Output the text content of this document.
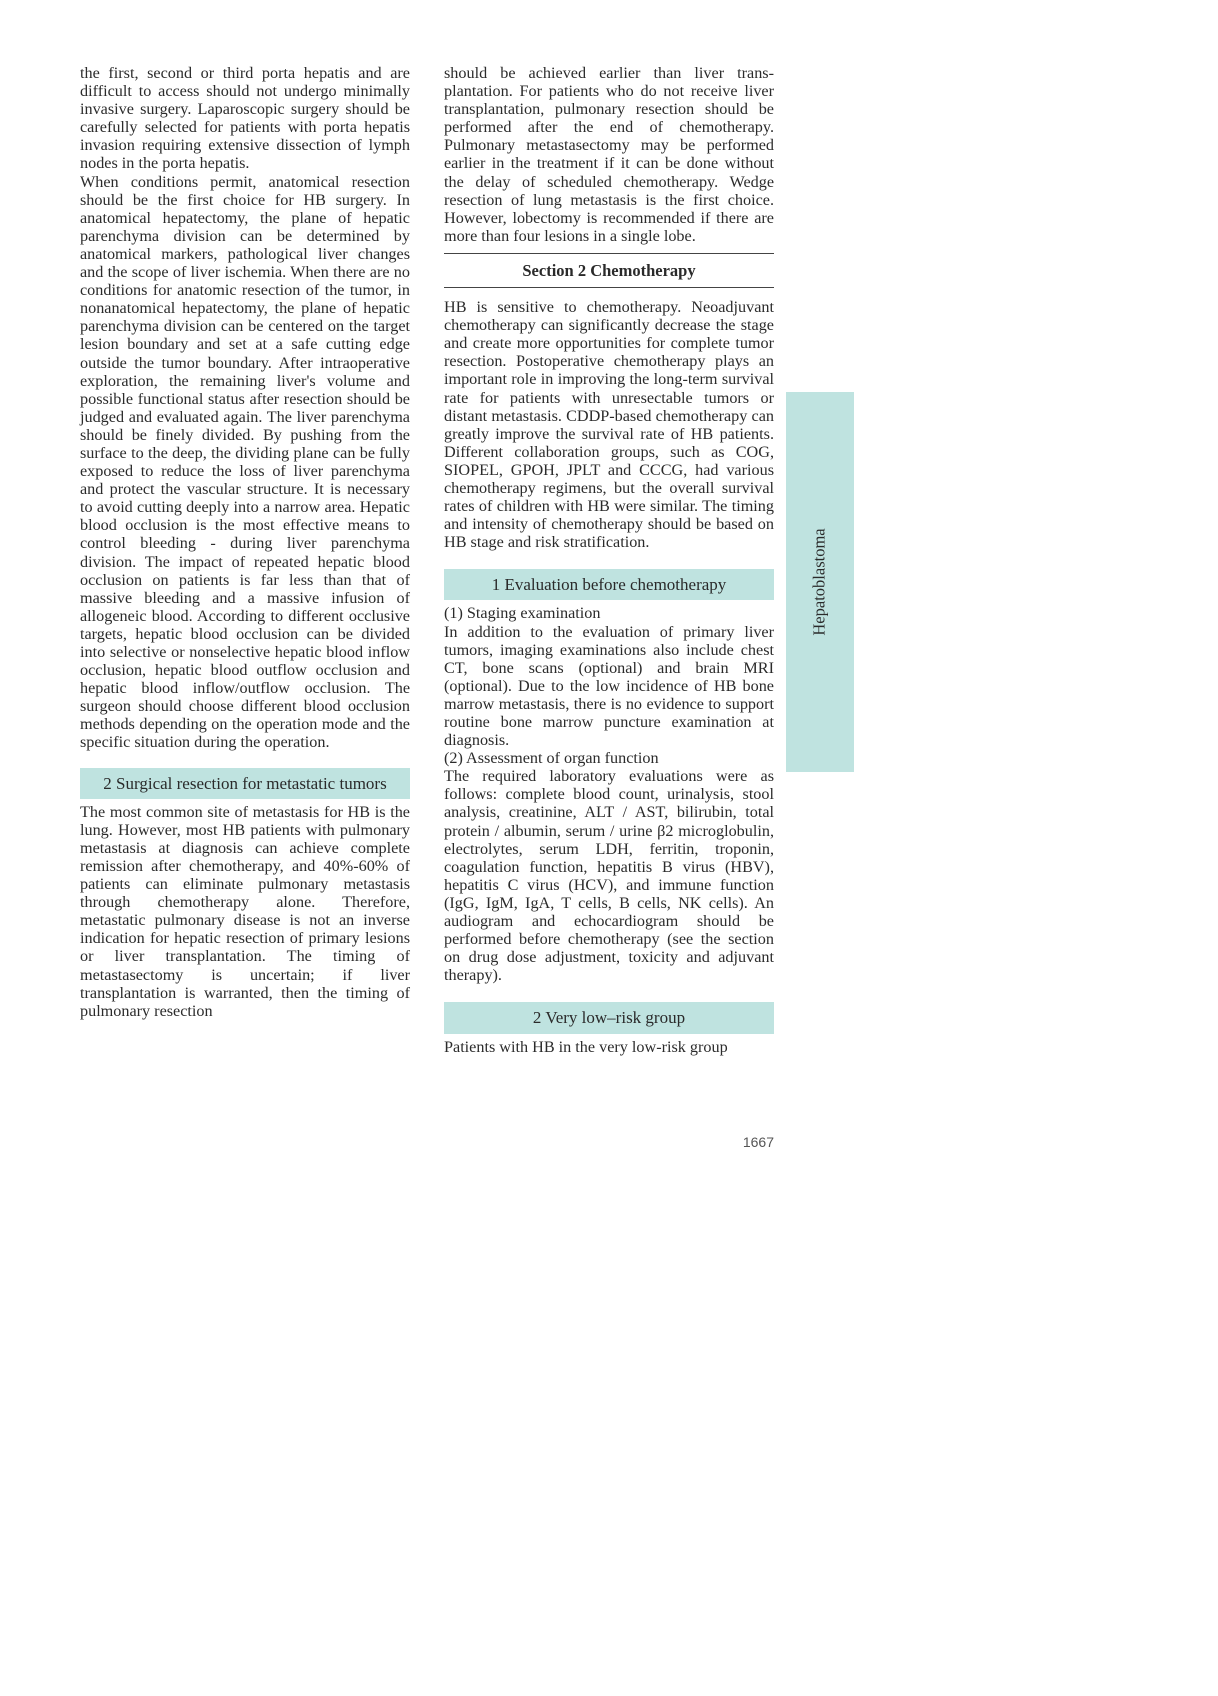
the first, second or third porta hepatis and are difficult to access should not undergo minimally invasive surgery. Laparoscopic surgery should be carefully selected for patients with porta hepatis invasion requiring extensive dissection of lymph nodes in the porta hepatis.

When conditions permit, anatomical resection should be the first choice for HB surgery. In anatomical hepatectomy, the plane of hepatic parenchyma division can be determined by anatomical markers, pathological liver changes and the scope of liver ischemia. When there are no conditions for anatomic resection of the tumor, in nonanatomical hepatectomy, the plane of hepatic parenchyma division can be centered on the target lesion boundary and set at a safe cutting edge outside the tumor boundary. After intraoperative exploration, the remaining liver's volume and possible functional status after resection should be judged and evaluated again. The liver parenchyma should be finely divided. By pushing from the surface to the deep, the dividing plane can be fully exposed to reduce the loss of liver parenchyma and protect the vascular structure. It is necessary to avoid cutting deeply into a narrow area. Hepatic blood occlusion is the most effective means to control bleeding - during liver parenchyma division. The impact of repeated hepatic blood occlusion on patients is far less than that of massive bleeding and a massive infusion of allogeneic blood. According to different occlusive targets, hepatic blood occlusion can be divided into selective or nonselective hepatic blood inflow occlusion, hepatic blood outflow occlusion and hepatic blood inflow/outflow occlusion. The surgeon should choose different blood occlusion methods depending on the operation mode and the specific situation during the operation.

2 Surgical resection for metastatic tumors

The most common site of metastasis for HB is the lung. However, most HB patients with pulmonary metastasis at diagnosis can achieve complete remission after chemotherapy, and 40%-60% of patients can eliminate pulmonary metastasis through chemotherapy alone. Therefore, metastatic pulmonary disease is not an inverse indication for hepatic resection of primary lesions or liver transplantation. The timing of metastasectomy is uncertain; if liver transplantation is warranted, then the timing of pulmonary resection

should be achieved earlier than liver transplantation. For patients who do not receive liver transplantation, pulmonary resection should be performed after the end of chemotherapy. Pulmonary metastasectomy may be performed earlier in the treatment if it can be done without the delay of scheduled chemotherapy. Wedge resection of lung metastasis is the first choice. However, lobectomy is recommended if there are more than four lesions in a single lobe.

Section 2 Chemotherapy

HB is sensitive to chemotherapy. Neoadjuvant chemotherapy can significantly decrease the stage and create more opportunities for complete tumor resection. Postoperative chemotherapy plays an important role in improving the long-term survival rate for patients with unresectable tumors or distant metastasis. CDDP-based chemotherapy can greatly improve the survival rate of HB patients. Different collaboration groups, such as COG, SIOPEL, GPOH, JPLT and CCCG, had various chemotherapy regimens, but the overall survival rates of children with HB were similar. The timing and intensity of chemotherapy should be based on HB stage and risk stratification.

1 Evaluation before chemotherapy

(1) Staging examination

In addition to the evaluation of primary liver tumors, imaging examinations also include chest CT, bone scans (optional) and brain MRI (optional). Due to the low incidence of HB bone marrow metastasis, there is no evidence to support routine bone marrow puncture examination at diagnosis.

(2) Assessment of organ function

The required laboratory evaluations were as follows: complete blood count, urinalysis, stool analysis, creatinine, ALT / AST, bilirubin, total protein / albumin, serum / urine β2 microglobulin, electrolytes, serum LDH, ferritin, troponin, coagulation function, hepatitis B virus (HBV), hepatitis C virus (HCV), and immune function (IgG, IgM, IgA, T cells, B cells, NK cells). An audiogram and echocardiogram should be performed before chemotherapy (see the section on drug dose adjustment, toxicity and adjuvant therapy).

2 Very low–risk group

Patients with HB in the very low-risk group

Hepatoblastoma
1667
